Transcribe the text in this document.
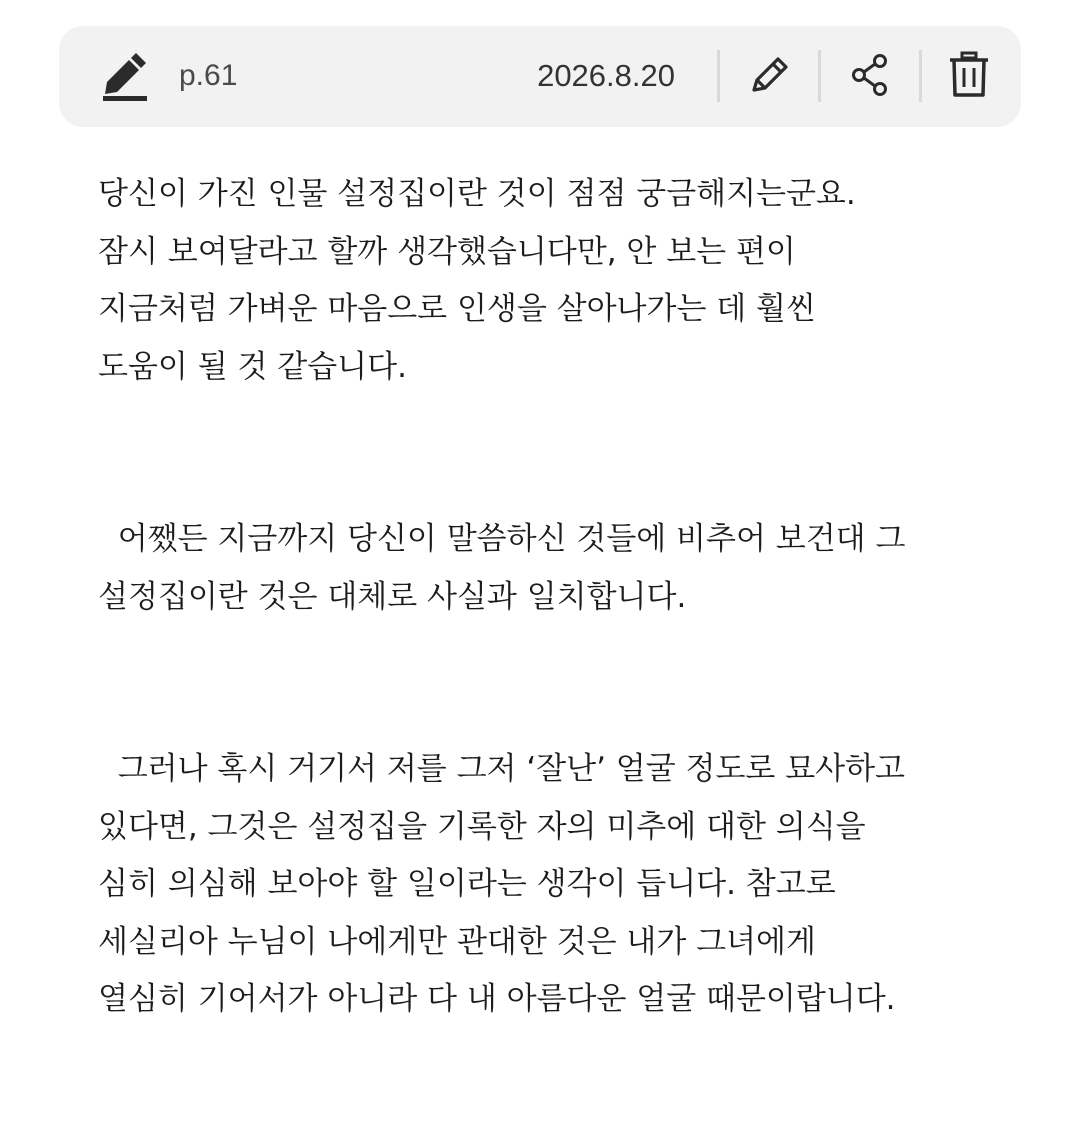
p.61	2026.8.20

당신이 가진 인물 설정집이란 것이 점점 궁금해지는군요.
잠시 보여달라고 할까 생각했습니다만, 안 보는 편이
지금처럼 가벼운 마음으로 인생을 살아나가는 데 훨씬
도움이 될 것 같습니다.

어쨌든 지금까지 당신이 말씀하신 것들에 비추어 보건대 그
설정집이란 것은 대체로 사실과 일치합니다.

그러나 혹시 거기서 저를 그저 ‘잘난’ 얼굴 정도로 묘사하고
있다면, 그것은 설정집을 기록한 자의 미추에 대한 의식을
심히 의심해 보아야 할 일이라는 생각이 듭니다. 참고로
세실리아 누님이 나에게만 관대한 것은 내가 그녀에게
열심히 기어서가 아니라 다 내 아름다운 얼굴 때문이랍니다.
